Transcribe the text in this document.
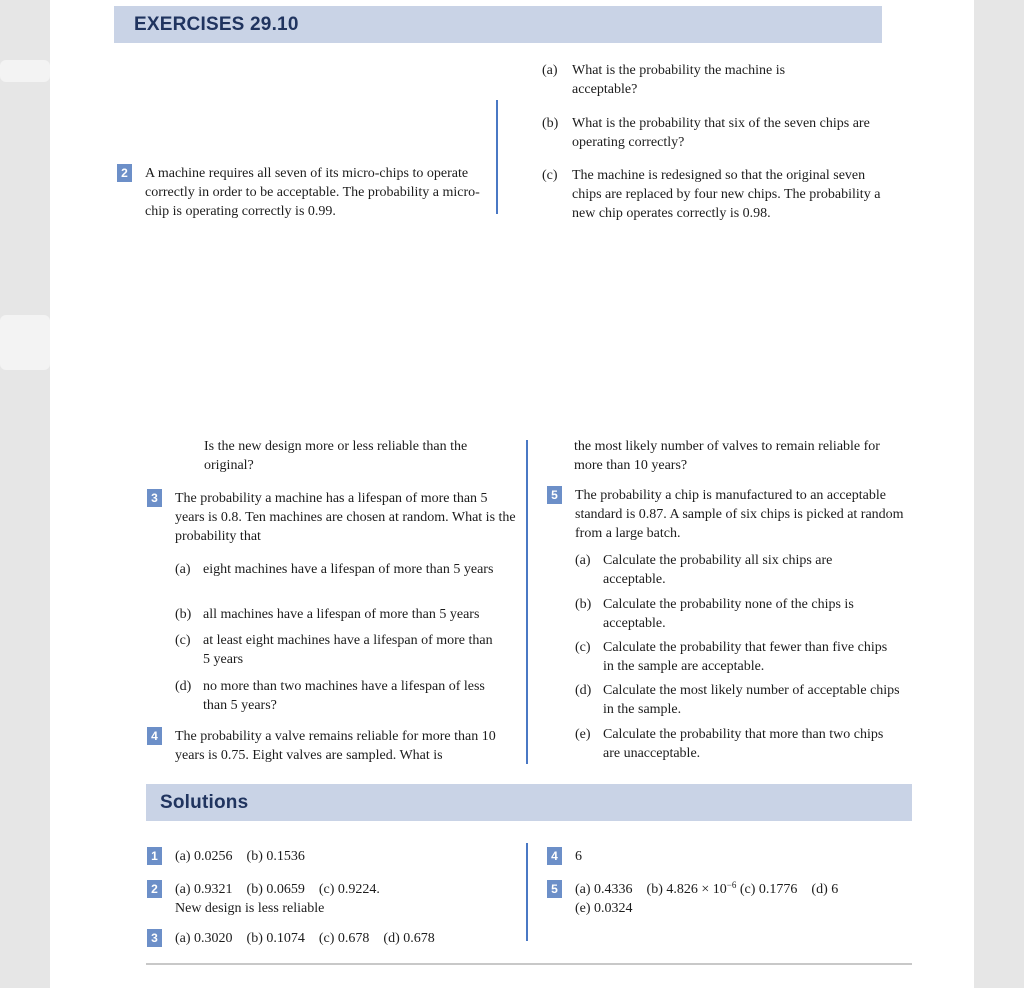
EXERCISES 29.10
2 A machine requires all seven of its micro-chips to operate correctly in order to be acceptable. The probability a micro-chip is operating correctly is 0.99.
(a) What is the probability the machine is acceptable?
(b) What is the probability that six of the seven chips are operating correctly?
(c) The machine is redesigned so that the original seven chips are replaced by four new chips. The probability a new chip operates correctly is 0.98.
Is the new design more or less reliable than the original?
3 The probability a machine has a lifespan of more than 5 years is 0.8. Ten machines are chosen at random. What is the probability that
(a) eight machines have a lifespan of more than 5 years
(b) all machines have a lifespan of more than 5 years
(c) at least eight machines have a lifespan of more than 5 years
(d) no more than two machines have a lifespan of less than 5 years?
4 The probability a valve remains reliable for more than 10 years is 0.75. Eight valves are sampled. What is
the most likely number of valves to remain reliable for more than 10 years?
5 The probability a chip is manufactured to an acceptable standard is 0.87. A sample of six chips is picked at random from a large batch.
(a) Calculate the probability all six chips are acceptable.
(b) Calculate the probability none of the chips is acceptable.
(c) Calculate the probability that fewer than five chips in the sample are acceptable.
(d) Calculate the most likely number of acceptable chips in the sample.
(e) Calculate the probability that more than two chips are unacceptable.
Solutions
1 (a) 0.0256 (b) 0.1536
2 (a) 0.9321 (b) 0.0659 (c) 0.9224.
New design is less reliable
3 (a) 0.3020 (b) 0.1074 (c) 0.678 (d) 0.678
4 6
5 (a) 0.4336 (b) $4.826 \times 10^{-6}$ (c) 0.1776 (d) 6
(e) 0.0324
